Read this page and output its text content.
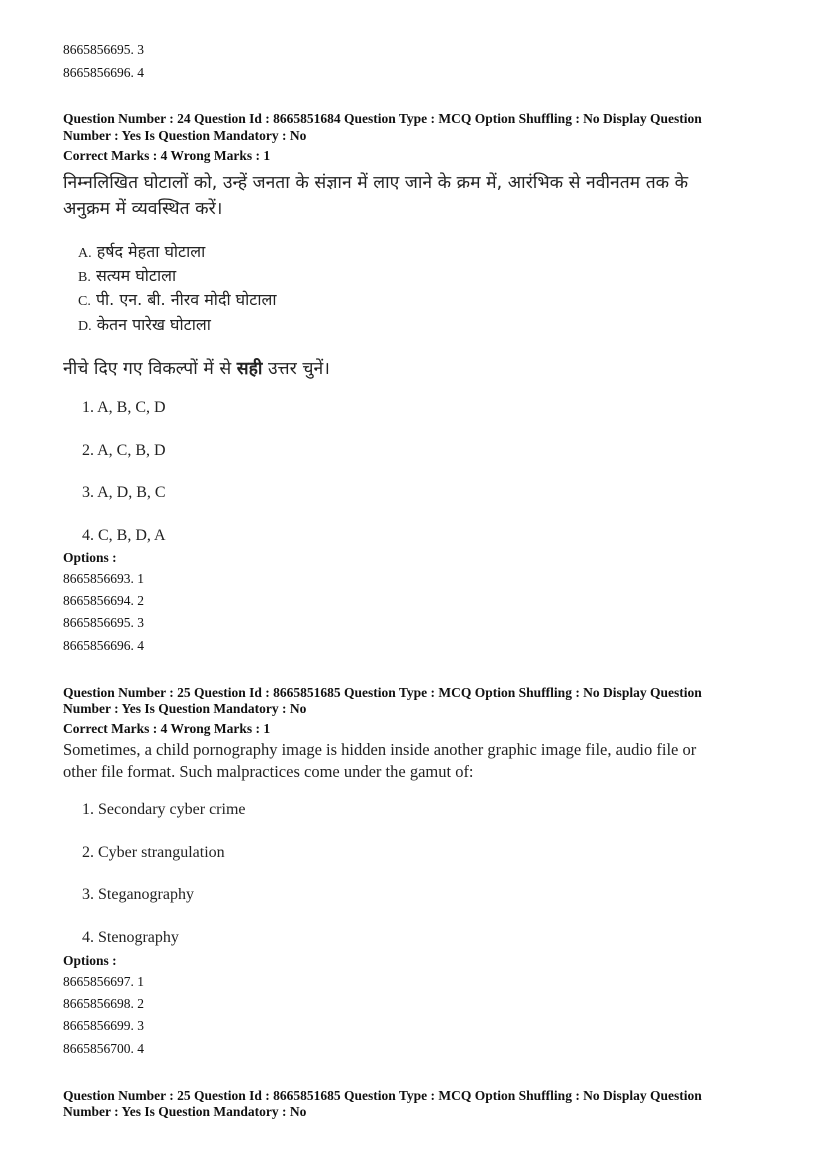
8665856695. 3
8665856696. 4
Question Number : 24 Question Id : 8665851684 Question Type : MCQ Option Shuffling : No Display Question
Number : Yes Is Question Mandatory : No
Correct Marks : 4 Wrong Marks : 1
निम्नलिखित घोटालों को, उन्हें जनता के संज्ञान में लाए जाने के क्रम में, आरंभिक से नवीनतम तक के
अनुक्रम में व्यवस्थित करें।
A. हर्षद मेहता घोटाला
B. सत्यम घोटाला
C. पी. एन. बी. नीरव मोदी घोटाला
D. केतन पारेख घोटाला
नीचे दिए गए विकल्पों में से सही उत्तर चुनें।
1. A, B, C, D
2. A, C, B, D
3. A, D, B, C
4. C, B, D, A
Options :
8665856693. 1
8665856694. 2
8665856695. 3
8665856696. 4
Question Number : 25 Question Id : 8665851685 Question Type : MCQ Option Shuffling : No Display Question
Number : Yes Is Question Mandatory : No
Correct Marks : 4 Wrong Marks : 1
Sometimes, a child pornography image is hidden inside another graphic image file, audio file or
other file format. Such malpractices come under the gamut of:
1. Secondary cyber crime
2. Cyber strangulation
3. Steganography
4. Stenography
Options :
8665856697. 1
8665856698. 2
8665856699. 3
8665856700. 4
Question Number : 25 Question Id : 8665851685 Question Type : MCQ Option Shuffling : No Display Question
Number : Yes Is Question Mandatory : No
